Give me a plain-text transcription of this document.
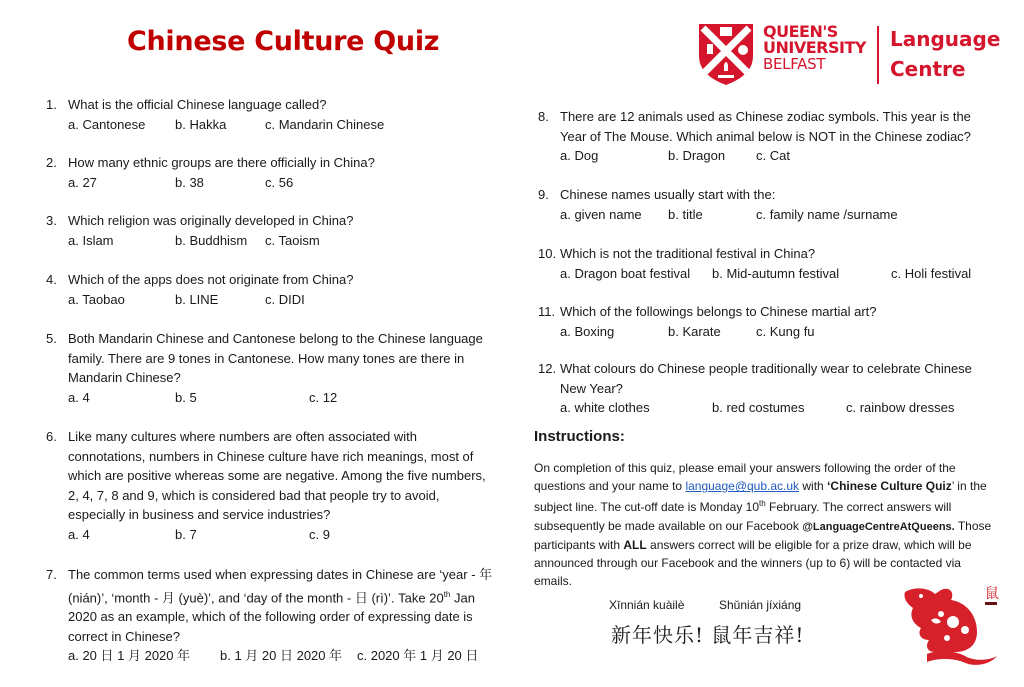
Chinese Culture Quiz	QUEEN'S
UNIVERSITY
BELFAST
Language
Centre
1. What is the official Chinese language called?
a. Cantonese b. Hakka	c. Mandarin Chinese
2. How many ethnic groups are there officially in China?
a. 27	b. 38	c. 56
3. Which religion was originally developed in China?
a. Islam	b. Buddhism c. Taoism
4. Which of the apps does not originate from China?
a. Taobao	b. LINE	c. DIDI
5. Both Mandarin Chinese and Cantonese belong to the Chinese language family. There are 9 tones in Cantonese. How many tones are there in Mandarin Chinese?
a. 4	b. 5	c. 12
6. Like many cultures where numbers are often associated with connotations, numbers in Chinese culture have rich meanings, most of which are positive whereas some are negative. Among the five numbers, 2, 4, 7, 8 and 9, which is considered bad that people try to avoid, especially in business and service industries?
a. 4	b. 7	c. 9
7. The common terms used when expressing dates in Chinese are ‘year - 年 (nián)’, ‘month - 月 (yuè)’, and ‘day of the month - 日 (rì)’. Take 20th Jan 2020 as an example, which of the following order of expressing date is correct in Chinese?
a. 20 日 1 月 2020 年 b. 1 月 20 日 2020 年 c. 2020 年 1 月 20 日
8. There are 12 animals used as Chinese zodiac symbols. This year is the Year of The Mouse. Which animal below is NOT in the Chinese zodiac?
a. Dog	b. Dragon c. Cat
9. Chinese names usually start with the:
a. given name b. title	c. family name /surname
10. Which is not the traditional festival in China?
a. Dragon boat festival b. Mid-autumn festival	c. Holi festival
11. Which of the followings belongs to Chinese martial art?
a. Boxing	b. Karate	c. Kung fu
12. What colours do Chinese people traditionally wear to celebrate Chinese New Year?
a. white clothes	b. red costumes	c. rainbow dresses
Instructions:
On completion of this quiz, please email your answers following the order of the questions and your name to language@qub.ac.uk with ‘Chinese Culture Quiz’ in the subject line. The cut-off date is Monday 10th February. The correct answers will subsequently be made available on our Facebook @LanguageCentreAtQueens. Those participants with ALL answers correct will be eligible for a prize draw, which will be announced through our Facebook and the winners (up to 6) will be contacted via emails.
Xīnnián kuàilè	Shǔnián jíxiáng
新年快乐! 鼠年吉祥!
鼠
